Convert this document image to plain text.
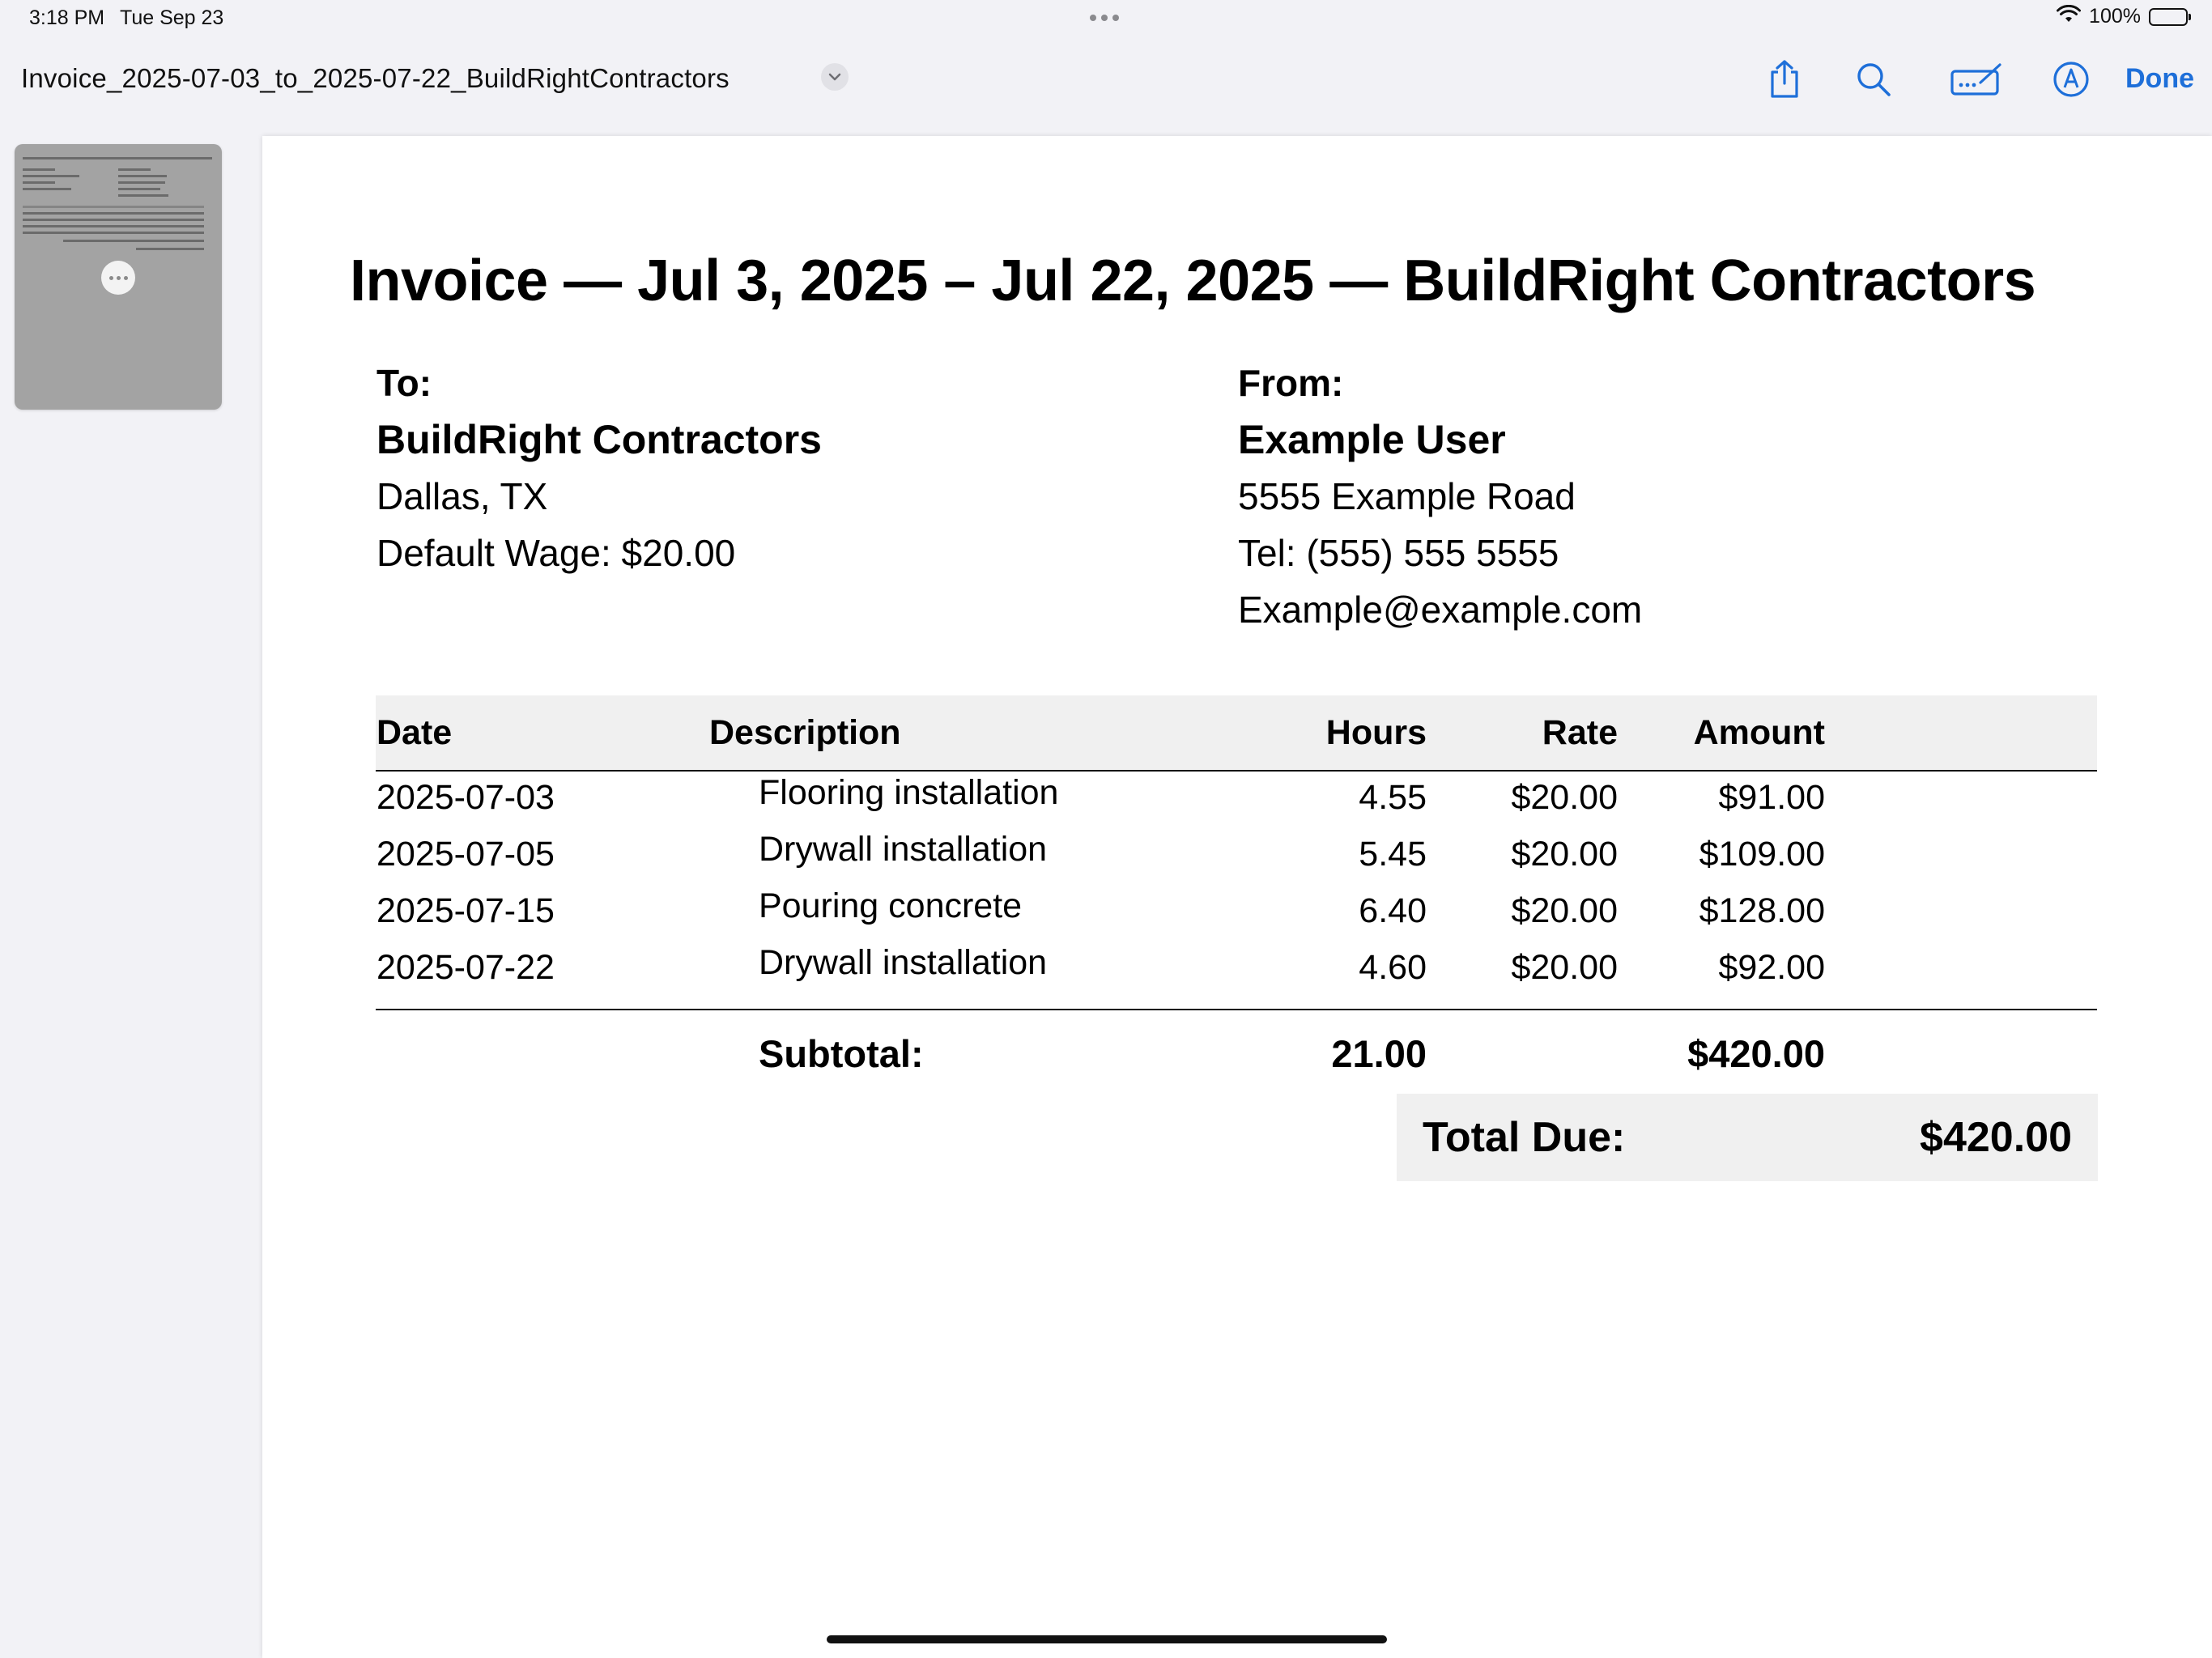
3:18 PM Tue Sep 23	100%
Invoice_2025-07-03_to_2025-07-22_BuildRightContractors	Done
Invoice — Jul 3, 2025 – Jul 22, 2025 — BuildRight Contractors
To:
BuildRight Contractors
Dallas, TX
Default Wage: $20.00
From:
Example User
5555 Example Road
Tel: (555) 555 5555
Example@example.com
Date	Description	Hours	Rate	Amount
2025-07-03	Flooring installation	4.55	$20.00	$91.00
2025-07-05	Drywall installation	5.45	$20.00	$109.00
2025-07-15	Pouring concrete	6.40	$20.00	$128.00
2025-07-22	Drywall installation	4.60	$20.00	$92.00
Subtotal:	21.00	$420.00
Total Due:	$420.00
